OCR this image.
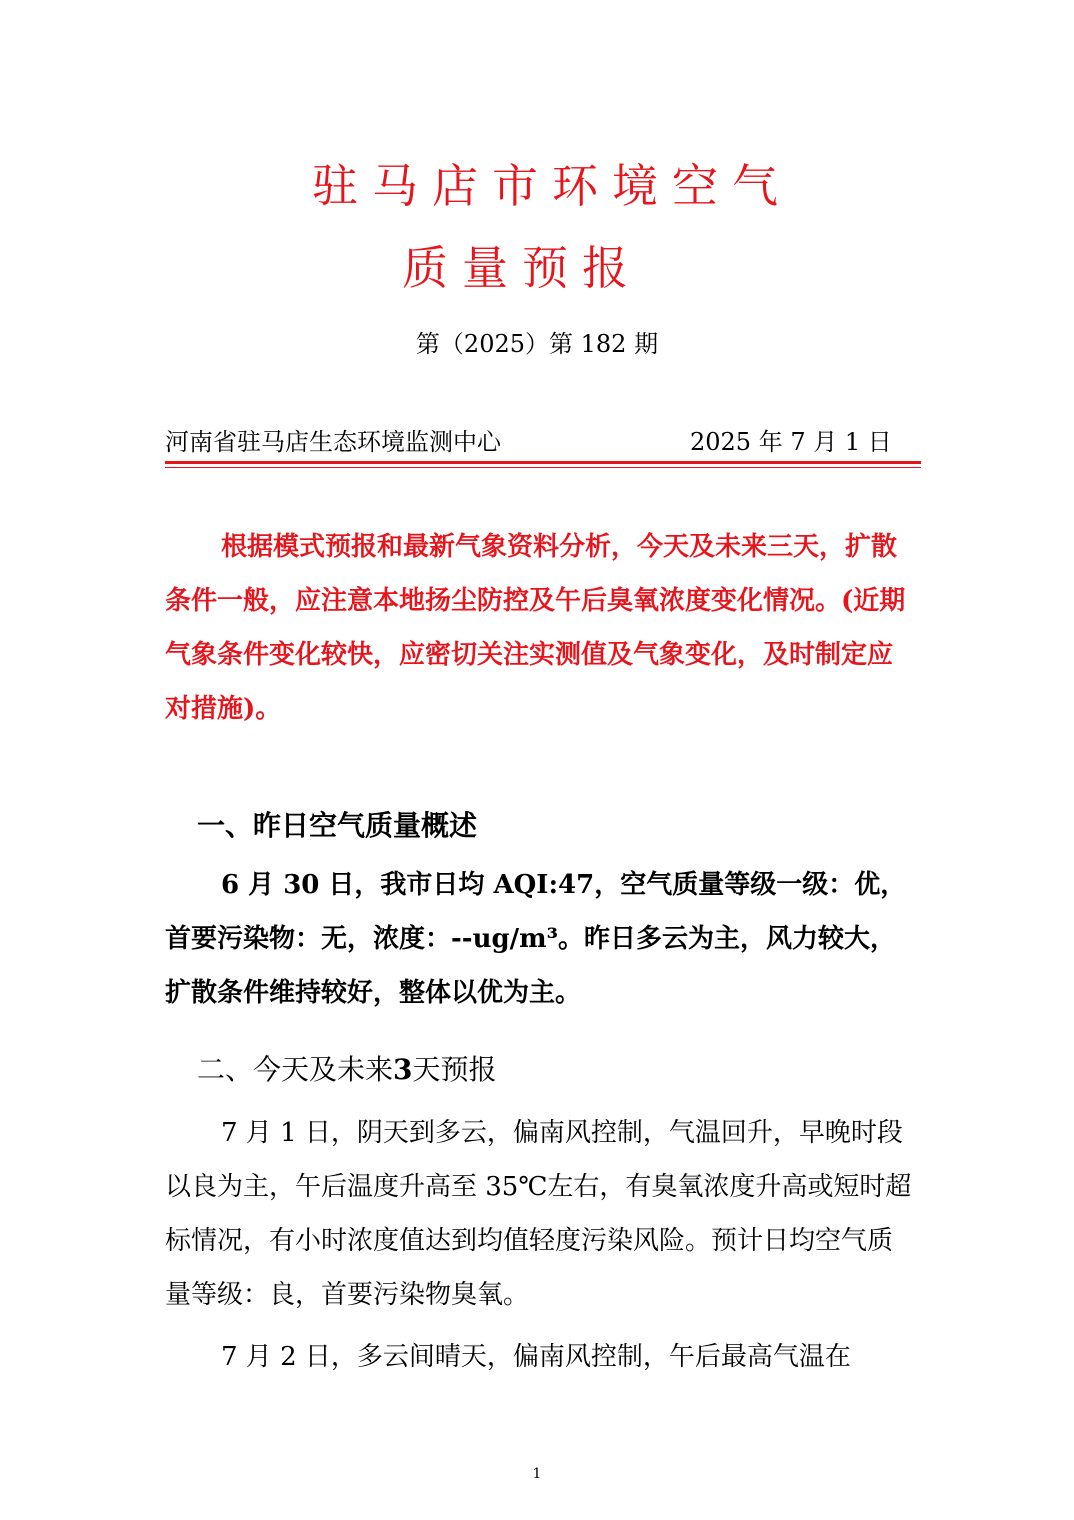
驻马店市环境空气
质量预报
第（2025）第 182 期
河南省驻马店生态环境监测中心	2025 年 7 月 1 日

根据模式预报和最新气象资料分析，今天及未来三天，扩散条件一般，应注意本地扬尘防控及午后臭氧浓度变化情况。(近期气象条件变化较快，应密切关注实测值及气象变化，及时制定应对措施)。

一、昨日空气质量概述

6 月 30 日，我市日均 AQI:47，空气质量等级一级：优，首要污染物：无，浓度：--ug/m³。昨日多云为主，风力较大，扩散条件维持较好，整体以优为主。

二、今天及未来3天预报

7 月 1 日，阴天到多云，偏南风控制，气温回升，早晚时段以良为主，午后温度升高至 35℃左右，有臭氧浓度升高或短时超标情况，有小时浓度值达到均值轻度污染风险。预计日均空气质量等级：良，首要污染物臭氧。

7 月 2 日，多云间晴天，偏南风控制，午后最高气温在

1
